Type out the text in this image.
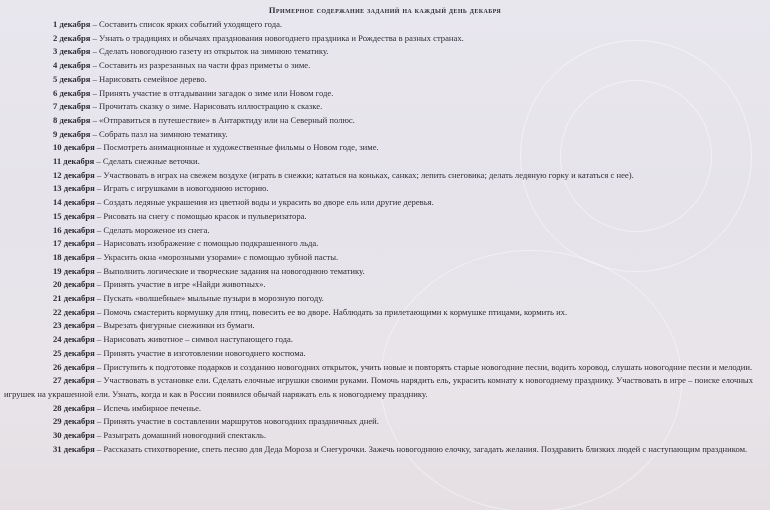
Примерное содержание заданий на каждый день декабря
1 декабря – Составить список ярких событий уходящего года.
2 декабря – Узнать о традициях и обычаях празднования новогоднего праздника и Рождества в разных странах.
3 декабря – Сделать новогоднюю газету из открыток на зимнюю тематику.
4 декабря – Составить из разрезанных на части фраз приметы о зиме.
5 декабря – Нарисовать семейное дерево.
6 декабря – Принять участие в отгадывании загадок о зиме или Новом годе.
7 декабря – Прочитать сказку о зиме. Нарисовать иллюстрацию к сказке.
8 декабря – «Отправиться в путешествие» в Антарктиду или на Северный полюс.
9 декабря – Собрать пазл на зимнюю тематику.
10 декабря – Посмотреть анимационные и художественные фильмы о Новом годе, зиме.
11 декабря – Сделать снежные веточки.
12 декабря – Участвовать в играх на свежем воздухе (играть в снежки; кататься на коньках, санках; лепить снеговика; делать ледяную горку и кататься с нее).
13 декабря – Играть с игрушками в новогоднюю историю.
14 декабря – Создать ледяные украшения из цветной воды и украсить во дворе ель или другие деревья.
15 декабря – Рисовать на снегу с помощью красок и пульверизатора.
16 декабря – Сделать мороженое из снега.
17 декабря – Нарисовать изображение с помощью подкрашенного льда.
18 декабря – Украсить окна «морозными узорами» с помощью зубной пасты.
19 декабря – Выполнить логические и творческие задания на новогоднюю тематику.
20 декабря – Принять участие в игре «Найди животных».
21 декабря – Пускать «волшебные» мыльные пузыри в морозную погоду.
22 декабря – Помочь смастерить кормушку для птиц, повесить ее во дворе. Наблюдать за прилетающими к кормушке птицами, кормить их.
23 декабря – Вырезать фигурные снежинки из бумаги.
24 декабря – Нарисовать животное – символ наступающего года.
25 декабря – Принять участие в изготовлении новогоднего костюма.
26 декабря – Приступить к подготовке подарков и созданию новогодних открыток, учить новые и повторять старые новогодние песни, водить хоровод, слушать новогодние песни и мелодии.
27 декабря – Участвовать в установке ели. Сделать елочные игрушки своими руками. Помочь нарядить ель, украсить комнату к новогоднему празднику. Участвовать в игре – поиске елочных игрушек на украшенной ели. Узнать, когда и как в России появился обычай наряжать ель к новогоднему празднику.
28 декабря – Испечь имбирное печенье.
29 декабря – Принять участие в составлении маршрутов новогодних праздничных дней.
30 декабря – Разыграть домашний новогодний спектакль.
31 декабря – Рассказать стихотворение, спеть песню для Деда Мороза и Снегурочки. Зажечь новогоднюю елочку, загадать желания. Поздравить близких людей с наступающим праздником.
